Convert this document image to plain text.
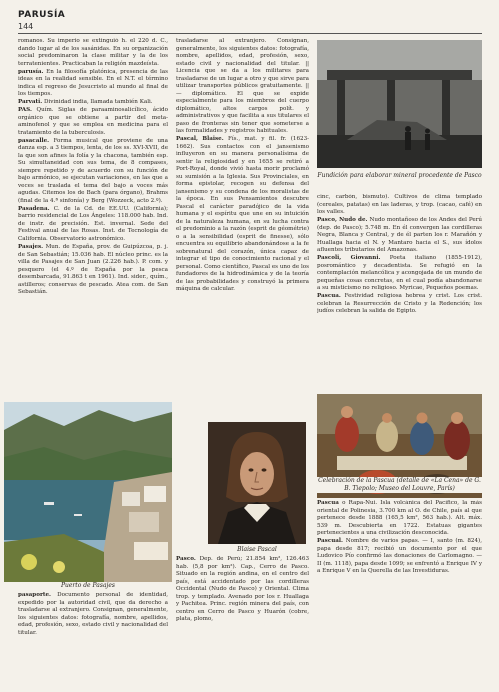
PARUSÍA
144

romanos. Su imperio se extinguió h. el 220 d. C., dando lugar al de los sasánidas. En su organización social predominaron la clase militar y la de los terratenientes. Practicaban la religión mazdeísta.

parusía. En la filosofía platónica, presencia de las ideas en la realidad sensible. En el N.T. el término indica el regreso de Jesucristo al mundo al final de los tiempos.

Parvati. Divinidad india, llamada también Kali.

PAS. Quím. Siglas de paraaminosalicílico, ácido orgánico que se obtiene a partir del meta-aminofenol y que se emplea en medicina para el tratamiento de la tuberculosis.

pasacalle. Forma musical que proviene de una danza esp. a 3 tiempos, lenta, de los ss. XVI-XVII, de la que son afines la folía y la chacona, también esp. Su simultaneidad con sus tema, de 8 compases, siempre repetido y de acuerdo con su función de bajo armónico, se ejecutan variaciones, en las que a veces se traslada el tema del bajo a voces más agudas. Citemos los de Bach (para órgano), Brahms (final de la 4.ª sinfonía) y Berg (Wozzeck, acto 2.º).

Pasadena. C. de la Cd. de EE.UU. (California); barrio residencial de Los Ángeles: 118.000 hab. Ind. de instr. de precisión. Est. invernal. Sede del Festival anual de las Rosas. Inst. de Tecnología de California. Observatorio astronómico.

Pasajes. Mun. de España, prov. de Guipúzcoa, p. j. de San Sebastián; 15.036 hab. El núcleo princ. es la villa de Pasajes de San Juan (2.226 hab.). P. com. y pesquero (el 4.º de España por la pesca desembarcada, 91.863 t en 1961). Ind. sider., quím., astilleros; conservas de pescado. Atea com. de San Sebastián.

Puerto de Pasajes

pasaporte. Documento personal de identidad, expedido por la autoridad civil, que da derecho a trasladarse al extranjero. Consignan, generalmente, los siguientes datos: fotografía, nombre, apellidos, edad, profesión, sexo, estado civil y nacionalidad del titular.

trasladarse al extranjero. Consignan, generalmente, los siguientes datos: fotografía, nombre, apellidos, edad, profesión, sexo, estado civil y nacionalidad del titular. || Licencia que se da a los militares para trasladarse de un lugar a otro y que sirve para utilizar transportes públicos gratuitamente. || — diplomático. El que se expide especialmente para los miembros del cuerpo diplomático, altos cargos polít. y administrativos y que facilita a sus titulares el paso de fronteras sin tener que someterse a las formalidades y registros habituales.

Pascal, Blaise. Fís., mat. y fil. fr. (1623-1662). Sus contactos con el jansenismo influyeron en su manera personalísima de sentir la religiosidad y en 1655 se retiró a Port-Royal, donde vivió hasta morir proclamó su sumisión a la Iglesia. Sus Provinciales, en forma epistolar, recogen su defensa del jansenismo y su condena de los moralistas de la época. En sus Pensamientos descubre Pascal el carácter paradójico de la vida humana y el espíritu que une en su intuición de la naturaleza humana, en su lucha contra el predominio a la razón (esprit de géométrie) o a la sensibilidad (esprit de finesse), sólo encuentra su equilibrio abandonándose a la fe sobrenatural del corazón, única capaz de integrar el tipo de conocimiento racional y el personal. Como científico, Pascal es uno de los fundadores de la hidrodinámica y de la teoría de las probabilidades y construyó la primera máquina de calcular.

Blaise Pascal

Pasco. Dep. de Perú; 21.854 km², 126.463 hab. (5,8 por km²). Cap., Cerro de Pasco. Situado en la región andina, en el centro del país, está accidentado por las cordilleras Occidental (Nudo de Pasco) y Oriental. Clima trop. y templado. Avenado por los r. Huallaga y Pachitea. Princ. región minera del país, con centro en Cerro de Pasco y Huarón (cobre, plata, plomo,

Fundición para elaborar mineral procedente de Pasco

cinc, carbón, bismuto). Cultivos de clima templado (cereales, patatas) en las laderas, y trop. (cacao, café) en los valles.

Pasco, Nudo de. Nudo montañoso de los Andes del Perú (dep. de Pasco); 5.748 m. En él convergen las cordilleras Negra, Blanca y Central, y de él parten los r. Marañón y Huallaga hacia el N. y Mantaro hacia el S., sus ídolos afluentes tributarios del Amazonas.

Pascoli, Giovanni. Poeta italiano (1855-1912), posromántico y decadentista. Se refugió en la contemplación melancólica y acongojada de un mundo de pequeñas cosas concretas, en el cual podía abandonarse a su misticismo no religioso. Myricae, Pequeños poemas.

Pascua. Festividad religiosa hebrea y crist. Los crist. celebran la Resurrección de Cristo y la Redención; los judíos celebran la salida de Egipto.

Celebración de la Pascua (detalle de «La Cena» de G. B. Tiepolo; Museo del Louvre, París)

Pascua o Rapa-Nui. Isla volcánica del Pacífico, la más oriental de Polinesia, 3.700 km al O. de Chile, país al que pertenece desde 1888 (165,5 km², 563 hab.). Alt. máx. 539 m. Descubierta en 1722. Estatuas gigantes pertenecientes a una civilización desconocida.

Pascual. Nombre de varios papas. — I, santo (m. 824), papa desde 817; recibió un documento por el que Ludovico Pío confirmó las donaciones de Carlomagno. — II (m. 1118), papa desde 1099; se enfrentó a Enrique IV y a Enrique V en la Querella de las Investiduras.
